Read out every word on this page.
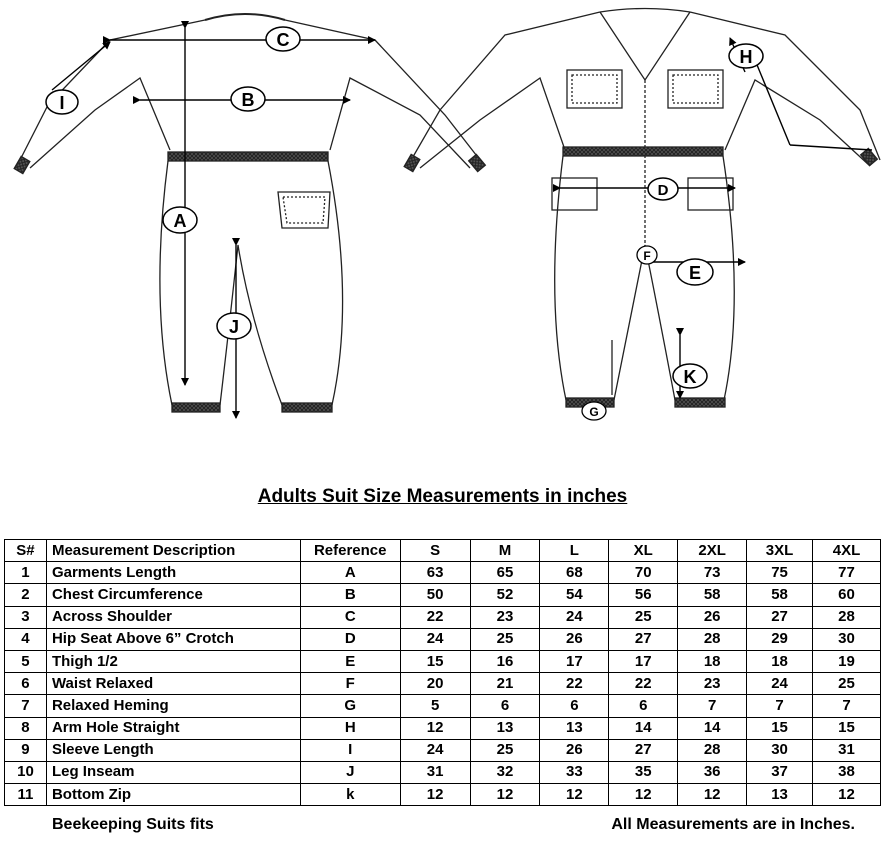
C
B
I
A
J
H
D
F
E
K
G
Adults Suit Size Measurements in inches
S#	Measurement Description	Reference	S	M	L	XL	2XL	3XL	4XL
1	Garments Length	A	63	65	68	70	73	75	77
2	Chest Circumference	B	50	52	54	56	58	58	60
3	Across Shoulder	C	22	23	24	25	26	27	28
4	Hip Seat Above 6” Crotch	D	24	25	26	27	28	29	30
5	Thigh 1/2	E	15	16	17	17	18	18	19
6	Waist Relaxed	F	20	21	22	22	23	24	25
7	Relaxed Heming	G	5	6	6	6	7	7	7
8	Arm Hole Straight	H	12	13	13	14	14	15	15
9	Sleeve Length	I	24	25	26	27	28	30	31
10	Leg Inseam	J	31	32	33	35	36	37	38
11	Bottom Zip	k	12	12	12	12	12	13	12
Beekeeping Suits fits	All Measurements are in Inches.
